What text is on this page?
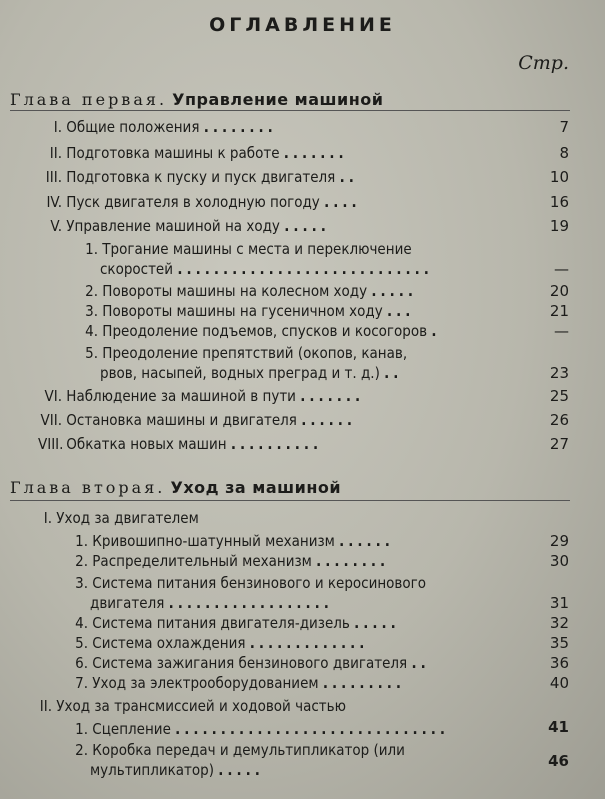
ОГЛАВЛЕНИЕ
Стр.
Глава первая. Управление машиной
I. Общие положения ........	7
II. Подготовка машины к работе .......	8
III. Подготовка к пуску и пуск двигателя ..	10
IV. Пуск двигателя в холодную погоду ....	16
V. Управление машиной на ходу .....	19
1. Трогание машины с места и переключение
скоростей ............................	—
2. Повороты машины на колесном ходу .....	20
3. Повороты машины на гусеничном ходу ...	21
4. Преодоление подъемов, спусков и косогоров .	—
5. Преодоление препятствий (окопов, канав,
рвов, насыпей, водных преград и т. д.) ..	23
VI. Наблюдение за машиной в пути .......	25
VII. Остановка машины и двигателя ......	26
VIII. Обкатка новых машин ..........	27
Глава вторая. Уход за машиной
I. Уход за двигателем
1. Кривошипно-шатунный механизм ......	29
2. Распределительный механизм ........	30
3. Система питания бензинового и керосинового
двигателя ..................	31
4. Система питания двигателя-дизель .....	32
5. Система охлаждения .............	35
6. Система зажигания бензинового двигателя ..	36
7. Уход за электрооборудованием .........	40
II. Уход за трансмиссией и ходовой частью
1. Сцепление ..............................	41
2. Коробка передач и демультипликатор (или
мультипликатор) .....	46
